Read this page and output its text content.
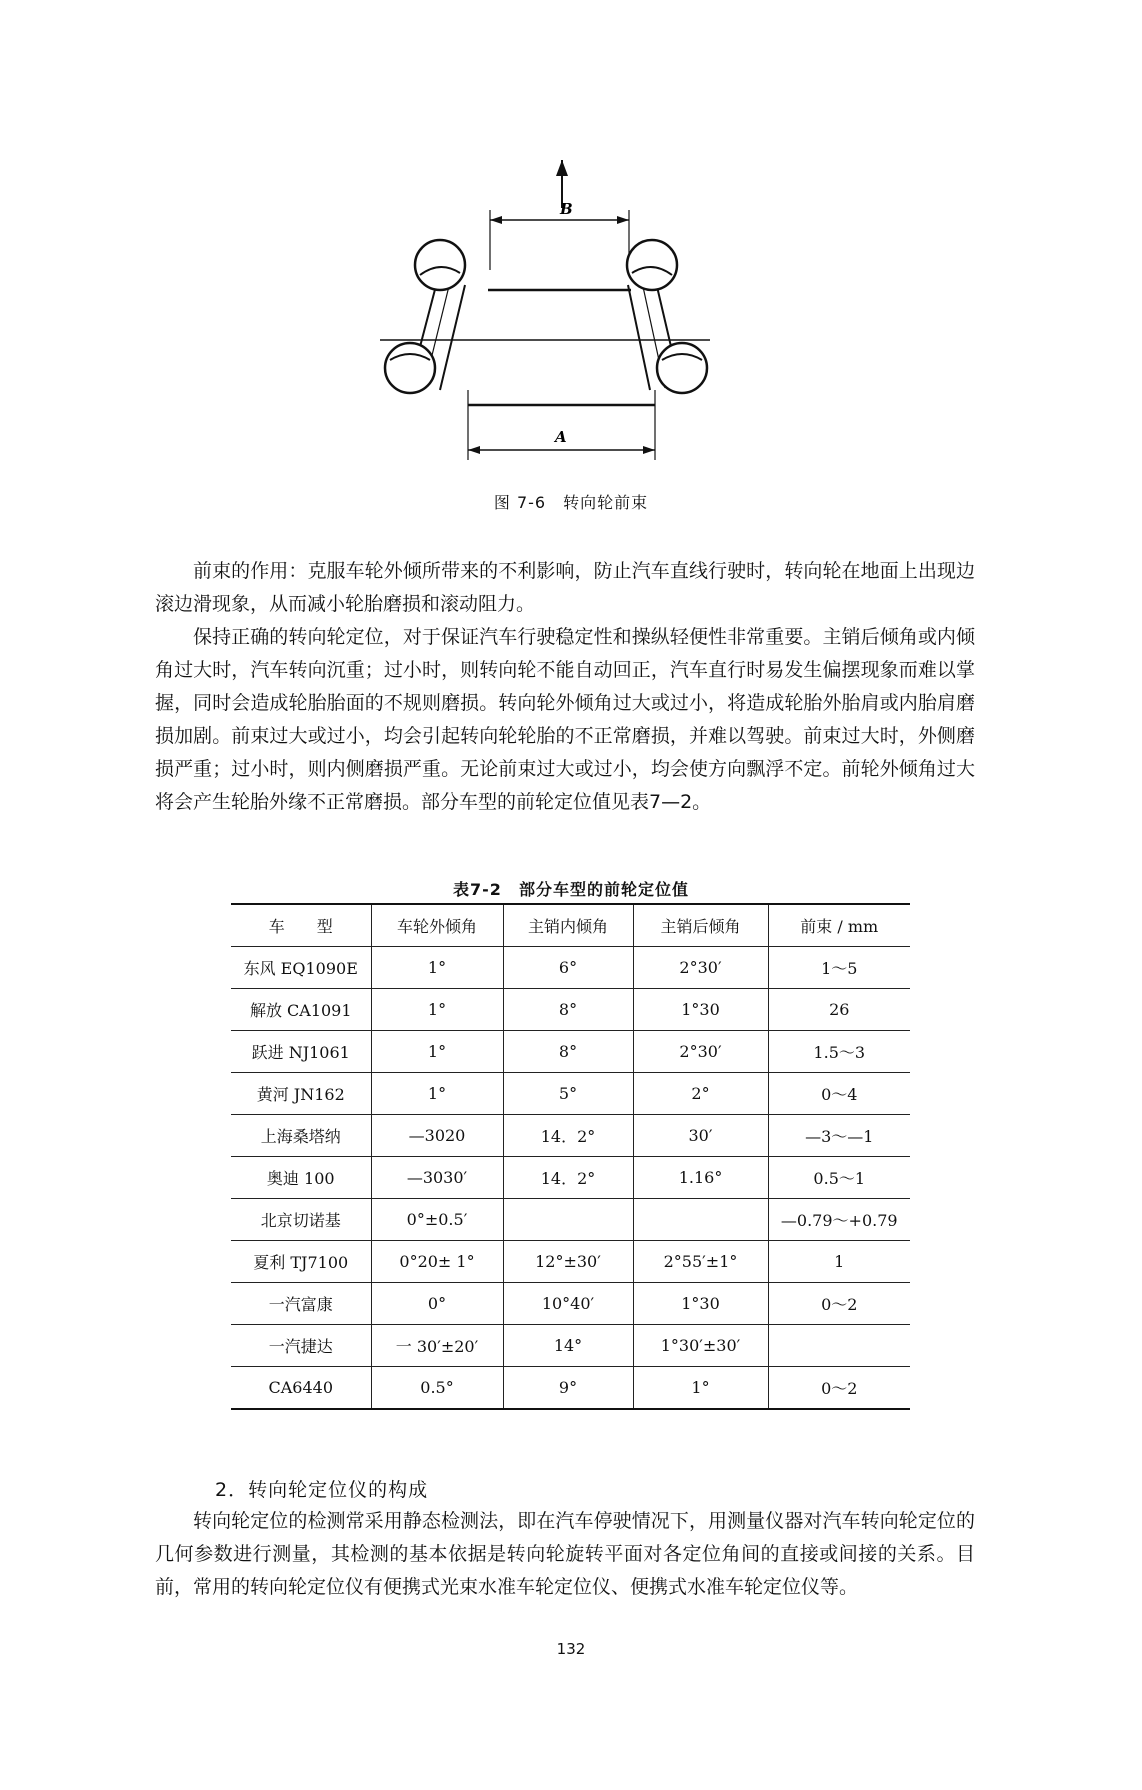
B
A
图 7-6　转向轮前束
前束的作用：克服车轮外倾所带来的不利影响，防止汽车直线行驶时，转向轮在地面上出现边滚边滑现象，从而减小轮胎磨损和滚动阻力。
保持正确的转向轮定位，对于保证汽车行驶稳定性和操纵轻便性非常重要。主销后倾角或内倾角过大时，汽车转向沉重；过小时，则转向轮不能自动回正，汽车直行时易发生偏摆现象而难以掌握，同时会造成轮胎胎面的不规则磨损。转向轮外倾角过大或过小，将造成轮胎外胎肩或内胎肩磨损加剧。前束过大或过小，均会引起转向轮轮胎的不正常磨损，并难以驾驶。前束过大时，外侧磨损严重；过小时，则内侧磨损严重。无论前束过大或过小，均会使方向飘浮不定。前轮外倾角过大将会产生轮胎外缘不正常磨损。部分车型的前轮定位值见表7—2。
表7-2　部分车型的前轮定位值
车　　型	车轮外倾角	主销内倾角	主销后倾角	前束 / mm
东风 EQ1090E	1°	6°	2°30′	1～5
解放 CA1091	1°	8°	1°30	26
跃进 NJ1061	1°	8°	2°30′	1.5～3
黄河 JN162	1°	5°	2°	0～4
上海桑塔纳	—3020	14．2°	30′	—3～—1
奥迪 100	—3030′	14．2°	1.16°	0.5～1
北京切诺基	0°±0.5′			—0.79～+0.79
夏利 TJ7100	0°20± 1°	12°±30′	2°55′±1°	1
一汽富康	0°	10°40′	1°30	0～2
一汽捷达	一 30′±20′	14°	1°30′±30′	
CA6440	0.5°	9°	1°	0～2
2．转向轮定位仪的构成
转向轮定位的检测常采用静态检测法，即在汽车停驶情况下，用测量仪器对汽车转向轮定位的几何参数进行测量，其检测的基本依据是转向轮旋转平面对各定位角间的直接或间接的关系。目前，常用的转向轮定位仪有便携式光束水准车轮定位仪、便携式水准车轮定位仪等。
132
